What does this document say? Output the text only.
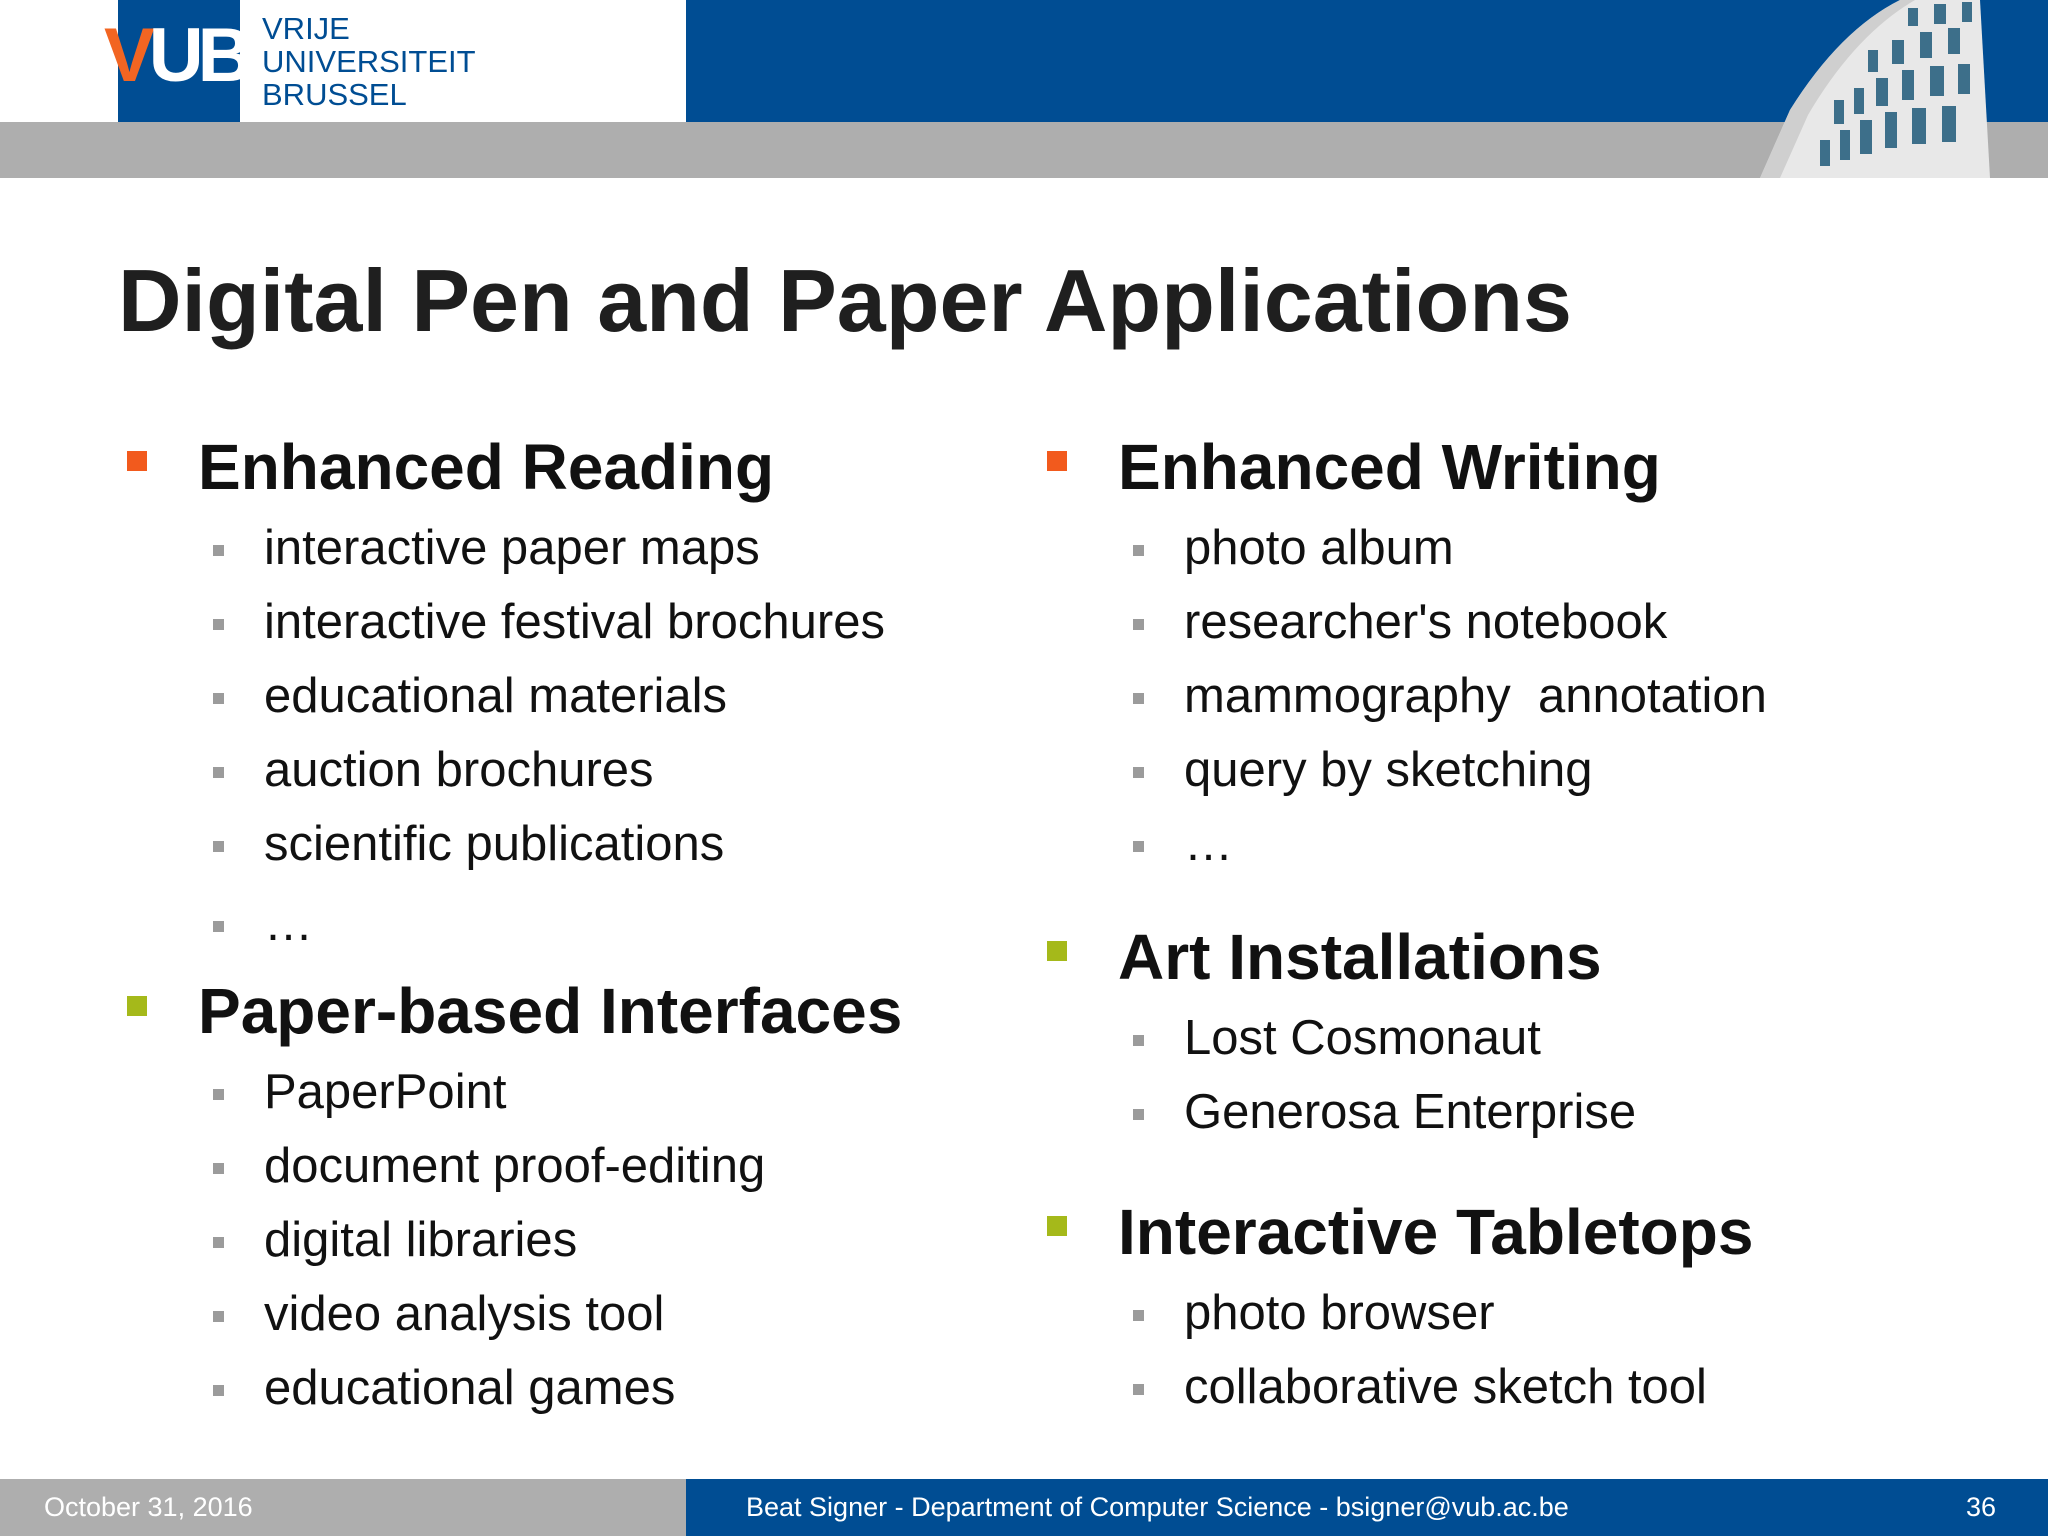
VUB VRIJE
UNIVERSITEIT
BRUSSEL
Digital Pen and Paper Applications
Enhanced Reading
interactive paper maps
interactive festival brochures
educational materials
auction brochures
scientific publications
…
Paper-based Interfaces
PaperPoint
document proof-editing
digital libraries
video analysis tool
educational games
Enhanced Writing
photo album
researcher's notebook
mammography  annotation
query by sketching
…
Art Installations
Lost Cosmonaut
Generosa Enterprise
Interactive Tabletops
photo browser
collaborative sketch tool
October 31, 2016	Beat Signer - Department of Computer Science - bsigner@vub.ac.be	36
